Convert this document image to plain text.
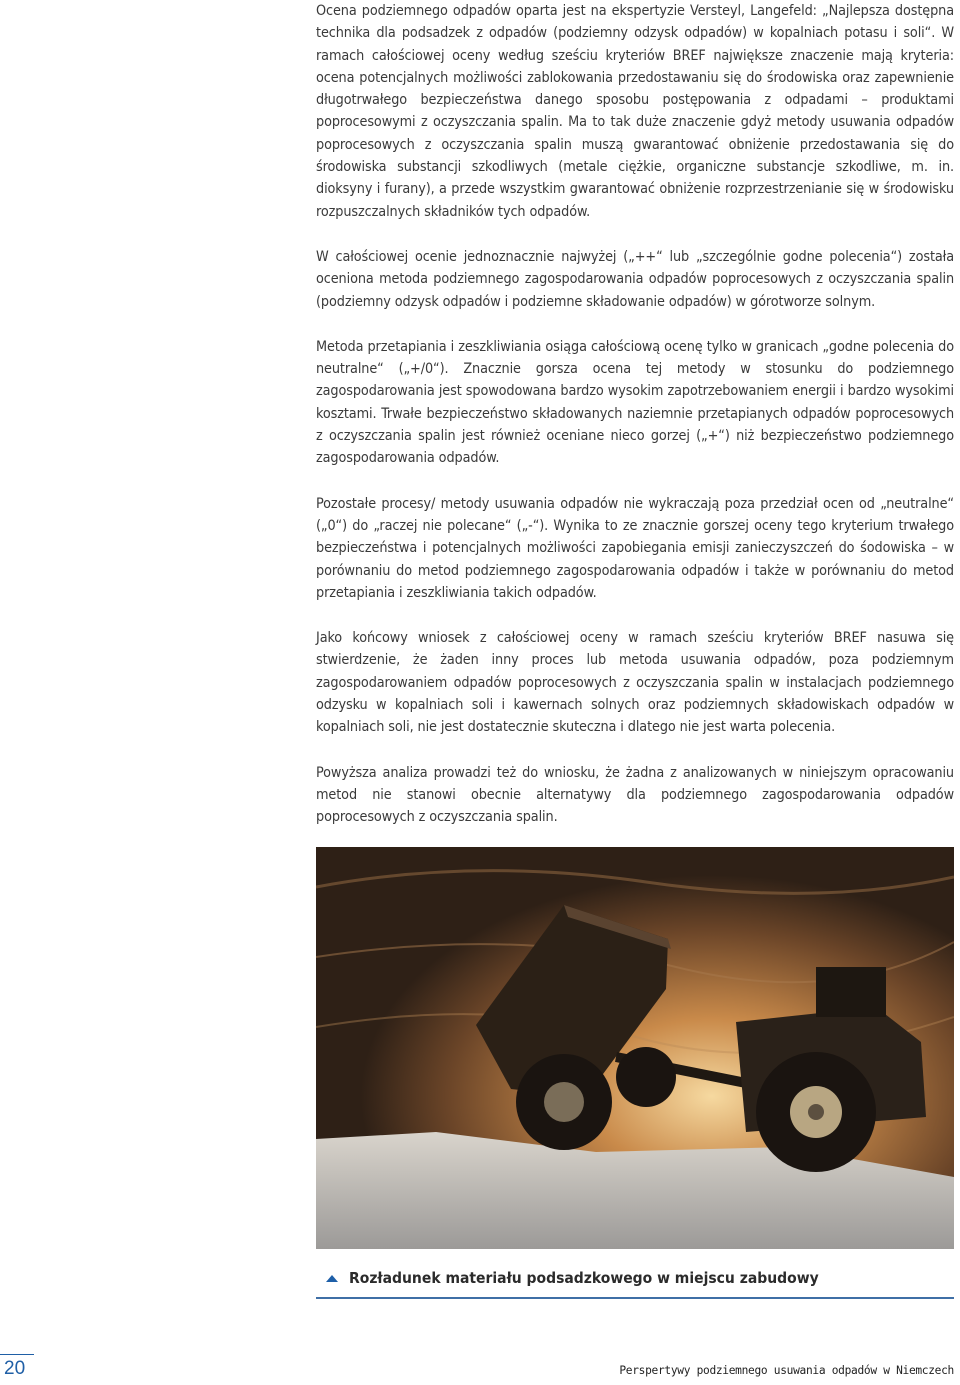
Ocena podziemnego odpadów oparta jest na ekspertyzie Versteyl, Langefeld: „Najlepsza dostępna technika dla podsadzek z odpadów (podziemny odzysk odpadów) w kopalniach potasu i soli“. W ramach całościowej oceny według sześciu kryteriów BREF największe znaczenie mają kryteria: ocena potencjalnych możliwości zablokowania przedostawaniu się do środowiska oraz zapewnienie długotrwałego bezpieczeństwa danego sposobu postępowania z odpadami – produktami poprocesowymi z oczyszczania spalin. Ma to tak duże znaczenie gdyż metody usuwania odpadów poprocesowych z oczyszczania spalin muszą gwarantować obniżenie przedostawania się do środowiska substancji szkodliwych (metale ciężkie, organiczne substancje szkodliwe, m. in. dioksyny i furany), a przede wszystkim gwarantować obniżenie rozprzestrzenianie się w środowisku rozpuszczalnych składników tych odpadów.

W całościowej ocenie jednoznacznie najwyżej („++“ lub „szczególnie godne polecenia“) została oceniona metoda podziemnego zagospodarowania odpadów poprocesowych z oczyszczania spalin (podziemny odzysk odpadów i podziemne składowanie odpadów) w górotworze solnym.

Metoda przetapiania i zeszkliwiania osiąga całościową ocenę tylko w granicach „godne polecenia do neutralne“ („+/0“). Znacznie gorsza ocena tej metody w stosunku do podziemnego zagospodarowania jest spowodowana bardzo wysokim zapotrzebowaniem energii i bardzo wysokimi kosztami. Trwałe bezpieczeństwo składowanych naziemnie przetapianych odpadów poprocesowych z oczyszczania spalin jest również oceniane nieco gorzej („+“) niż bezpieczeństwo podziemnego zagospodarowania odpadów.

Pozostałe procesy/ metody usuwania odpadów nie wykraczają poza przedział ocen od „neutralne“ („0“) do „raczej nie polecane“ („-“). Wynika to ze znacznie gorszej oceny tego kryterium trwałego bezpieczeństwa i potencjalnych możliwości zapobiegania emisji zanieczyszczeń do śodowiska – w porównaniu do metod podziemnego zagospodarowania odpadów i także w porównaniu do metod przetapiania i zeszkliwiania takich odpadów.

Jako końcowy wniosek z całościowej oceny w ramach sześciu kryteriów BREF nasuwa się stwierdzenie, że żaden inny proces lub metoda usuwania odpadów, poza podziemnym zagospodarowaniem odpadów poprocesowych z oczyszczania spalin w instalacjach podziemnego odzysku w kopalniach soli i kawernach solnych oraz podziemnych składowiskach odpadów w kopalniach soli, nie jest dostatecznie skuteczna i dlatego nie jest warta polecenia.

Powyższa analiza prowadzi też do wniosku, że żadna z analizowanych w niniejszym opracowaniu metod nie stanowi obecnie alternatywy dla podziemnego zagospodarowania odpadów poprocesowych z oczyszczania spalin.

Rozładunek materiału podsadzkowego w miejscu zabudowy
20	Perspertywy podziemnego usuwania odpadów w Niemczech
